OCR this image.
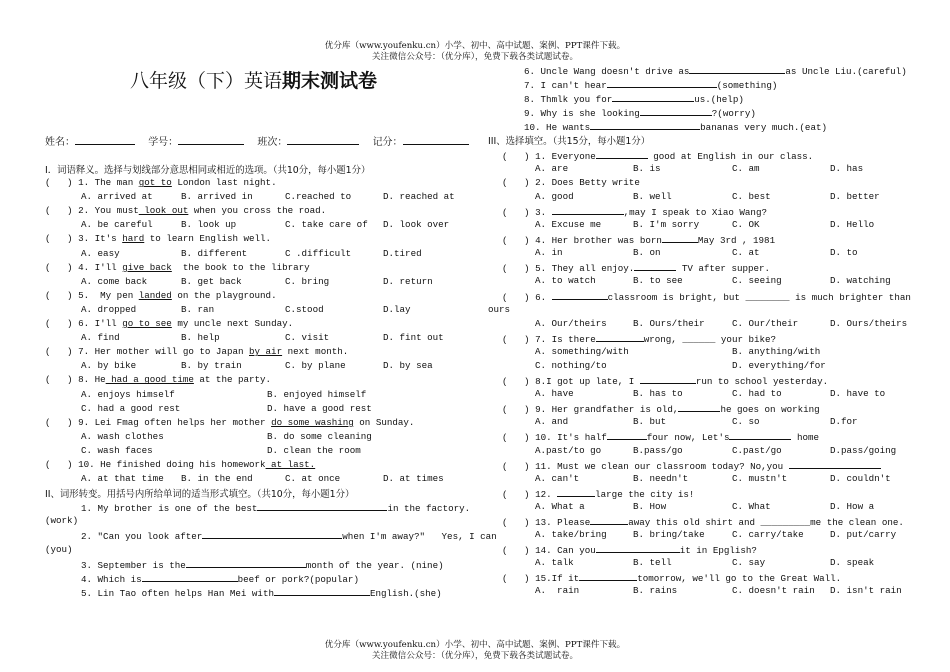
优分库（www.youfenku.cn）小学、初中、高中试题、案例、PPT课件下载。
关注微信公众号：（优分库），免费下载各类试题试卷。
八年级（下）英语期末测试卷
姓名：	学号：	班次：	记分：
I．词语释义。选择与划线部分意思相同或相近的选项。（共10分，每小题1分）
(   ) 1. The man got to London last night.
A. arrived at	B. arrived in	C.reached to	D. reached at
(   ) 2. You must look out when you cross the road.
A. be careful	B. look up	C. take care of D. look over
(   ) 3. It's hard to learn English well.
A. easy	B. different	C .difficult	D.tired
(   ) 4. I'll give back  the book to the library
A. come back	B. get back	C. bring	D. return
(   ) 5.  My pen landed on the playground.
A. dropped	B. ran	C.stood	D.lay
(   ) 6. I'll go to see my uncle next Sunday.
A. find	B. help	C. visit	D. fint out
(   ) 7. Her mother will go to Japan by air next month.
A. by bike	B. by train	C. by plane	D. by sea
(   ) 8. He had a good time at the party.
A. enjoys himself	B. enjoyed himself
C. had a good rest	D. have a good rest
(   ) 9. Lei Fmag often helps her mother do some washing on Sunday.
A. wash clothes	B. do some cleaning
C. wash faces	D. clean the room
(   ) 10. He finished doing his homework at last.
A. at that time B. in the end	C. at once	D. at times
II、词形转变。用括号内所给单词的适当形式填空。（共10分，每小题1分）
1. My brother is one of the best	in the factory.
(work)
2. "Can you look after	when I'm away?"   Yes, I can
(you)
3. September is the	month of the year. (nine)
4. Which is	beef or pork?(popular)
5. Lin Tao often helps Han Mei with	English.(she)
6. Uncle Wang doesn't drive as	as Uncle Liu.(careful)
7. I can't hear	(something)
8. Thmlk you for	us.(help)
9. Why is she looking	?(worry)
10. He wants	bananas very much.(eat)
III、选择填空。（共15分，每小题1分）
(   ) 1. Everyone	good at English in our class.
A. are	B. is	C. am	D. has
(   ) 2. Does Betty write
A. good	B. well	C. best	D. better
(   ) 3.	,may I speak to Xiao Wang?
A. Excuse me	B. I'm sorry	C. OK	D. Hello
(   ) 4. Her brother was born	May 3rd , 1981
A. in	B. on	C. at	D. to
(   ) 5. They all enjoy.	TV after supper.
A. to watch	B. to see	C. seeing	D. watching
(   ) 6.	classroom is bright, but ________ is much brighter than
ours
A. Our/theirs	B. Ours/their	C. Our/their	D. Ours/theirs
(   ) 7. Is there	wrong, ______ your bike?
A. something/with	B. anything/with
C. nothing/to	D. everything/for
(   ) 8.I got up late, I	run to school yesterday.
A. have	B. has to	C. had to	D. have to
(   ) 9. Her grandfather is old,	he goes on working
A. and	B. but	C. so	D.for
(   ) 10. It's half	four now, Let's	home
A.past/to go	B.pass/go	C.past/go	D.pass/going
(   ) 11. Must we clean our classroom today? No,you
A. can't	B. needn't	C. mustn't	D. couldn't
(   ) 12.	large the city is!
A. What a	B. How	C. What	D. How a
(   ) 13. Please	away this old shirt and _________me the clean one.
A. take/bring	B. bring/take	C. carry/take	D. put/carry
(   ) 14. Can you	it in Epglish?
A. talk	B. tell	C. say	D. speak
(   ) 15.If it	tomorrow, we'll go to the Great Wall.
A.  rain	B. rains	C. doesn't rain D. isn't rain
优分库（www.youfenku.cn）小学、初中、高中试题、案例、PPT课件下载。
关注微信公众号：（优分库），免费下载各类试题试卷。
